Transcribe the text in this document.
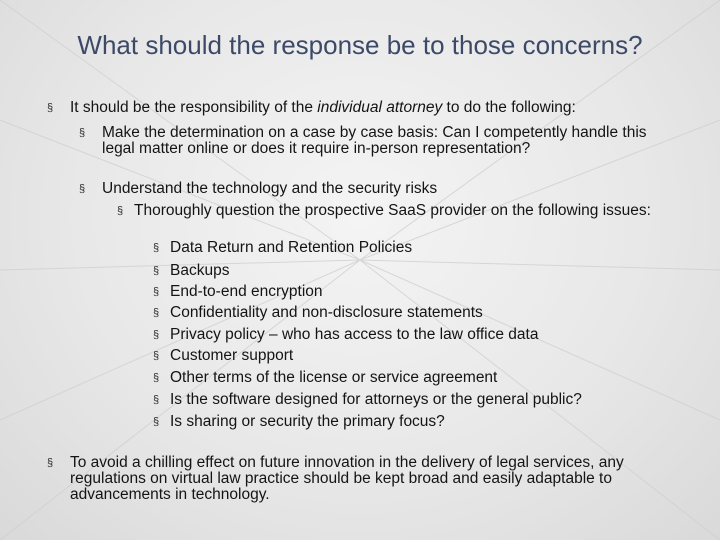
What should the response be to those concerns?
§	It should be the responsibility of the individual attorney to do the following:
§	Make the determination on a case by case basis: Can I competently handle this legal matter online or does it require in-person representation?
§	Understand the technology and the security risks
§ Thoroughly question the prospective SaaS provider on the following issues:
§ Data Return and Retention Policies
§ Backups
§ End-to-end encryption
§ Confidentiality and non-disclosure statements
§ Privacy policy – who has access to the law office data
§ Customer support
§ Other terms of the license or service agreement
§ Is the software designed for attorneys or the general public?
§ Is sharing or security the primary focus?
§	To avoid a chilling effect on future innovation in the delivery of legal services, any regulations on virtual law practice should be kept broad and easily adaptable to advancements in technology.
